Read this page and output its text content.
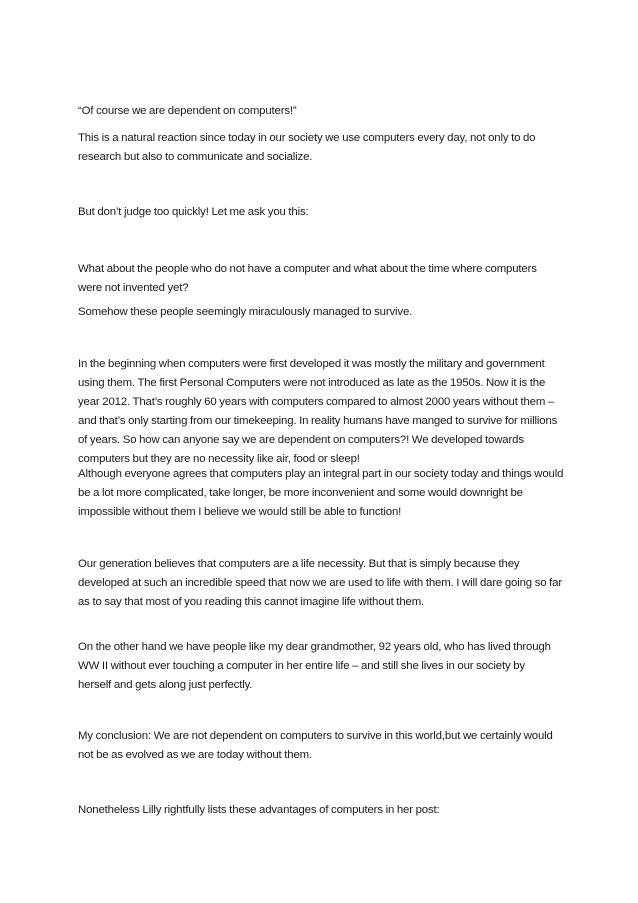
“Of course we are dependent on computers!”

This is a natural reaction since today in our society we use computers every day, not only to do
research but also to communicate and socialize.

But don’t judge too quickly! Let me ask you this:

What about the people who do not have a computer and what about the time where computers
were not invented yet?

Somehow these people seemingly miraculously managed to survive.

In the beginning when computers were first developed it was mostly the military and government
using them. The first Personal Computers were not introduced as late as the 1950s. Now it is the
year 2012. That’s roughly 60 years with computers compared to almost 2000 years without them –
and that’s only starting from our timekeeping. In reality humans have manged to survive for millions
of years. So how can anyone say we are dependent on computers?! We developed towards
computers but they are no necessity like air, food or sleep!

Although everyone agrees that computers play an integral part in our society today and things would
be a lot more complicated, take longer, be more inconvenient and some would downright be
impossible without them I believe we would still be able to function!

Our generation believes that computers are a life necessity. But that is simply because they
developed at such an incredible speed that now we are used to life with them. I will dare going so far
as to say that most of you reading this cannot imagine life without them.

On the other hand we have people like my dear grandmother, 92 years old, who has lived through
WW II without ever touching a computer in her entire life – and still she lives in our society by
herself and gets along just perfectly.

My conclusion: We are not dependent on computers to survive in this world,but we certainly would
not be as evolved as we are today without them.

Nonetheless Lilly rightfully lists these advantages of computers in her post:
